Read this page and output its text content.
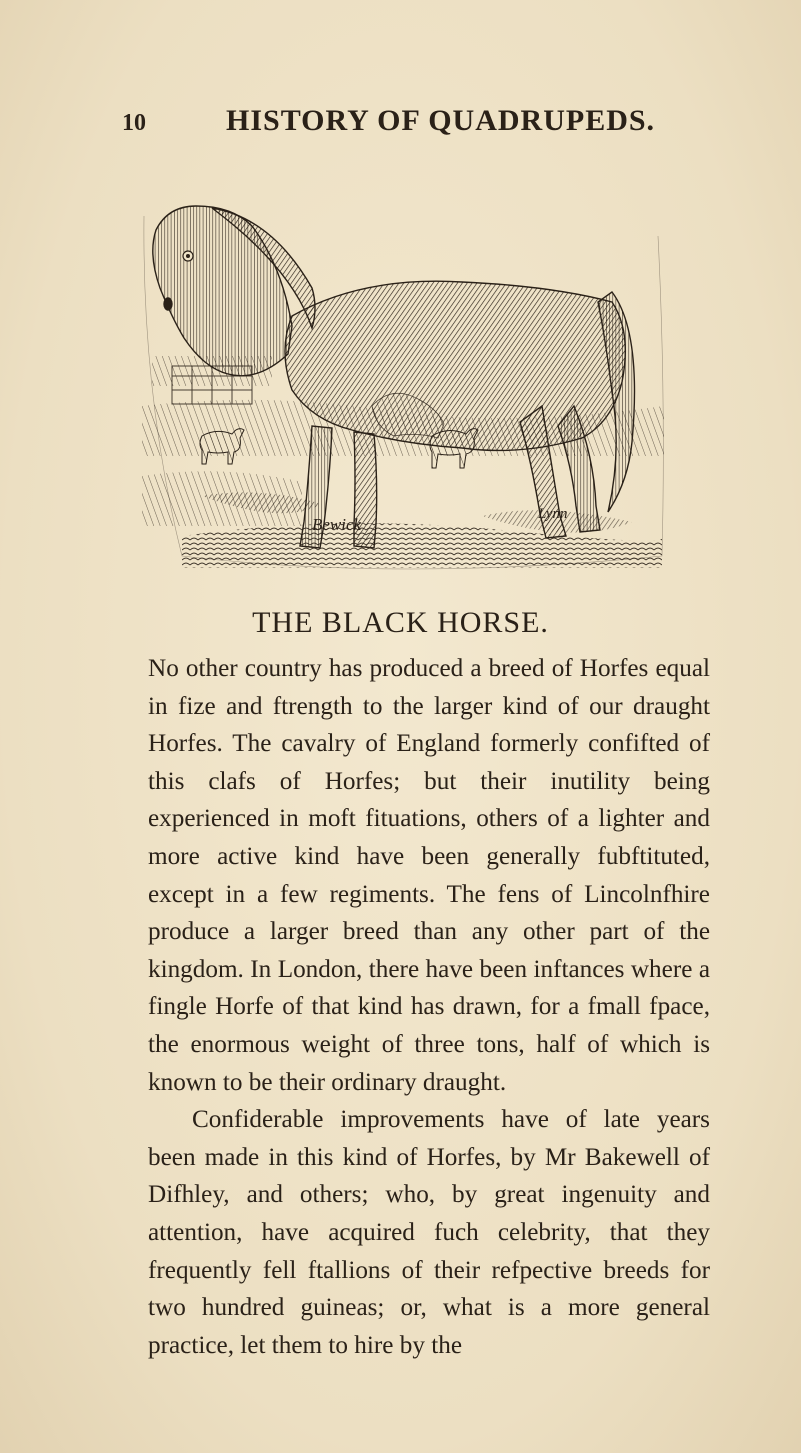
10	HISTORY OF QUADRUPEDS.
Bewick
Lynn
THE BLACK HORSE.

No other country has produced a breed of Horfes equal in fize and ftrength to the larger kind of our draught Horfes. The cavalry of England formerly confifted of this clafs of Horfes; but their inutility being experienced in moft fituations, others of a lighter and more active kind have been generally fubftituted, except in a few regiments. The fens of Lincolnfhire produce a larger breed than any other part of the kingdom. In London, there have been inftances where a fingle Horfe of that kind has drawn, for a fmall fpace, the enormous weight of three tons, half of which is known to be their ordinary draught.

Confiderable improvements have of late years been made in this kind of Horfes, by Mr Bakewell of Difhley, and others; who, by great ingenuity and attention, have acquired fuch celebrity, that they frequently fell ftallions of their refpective breeds for two hundred guineas; or, what is a more general practice, let them to hire by the
